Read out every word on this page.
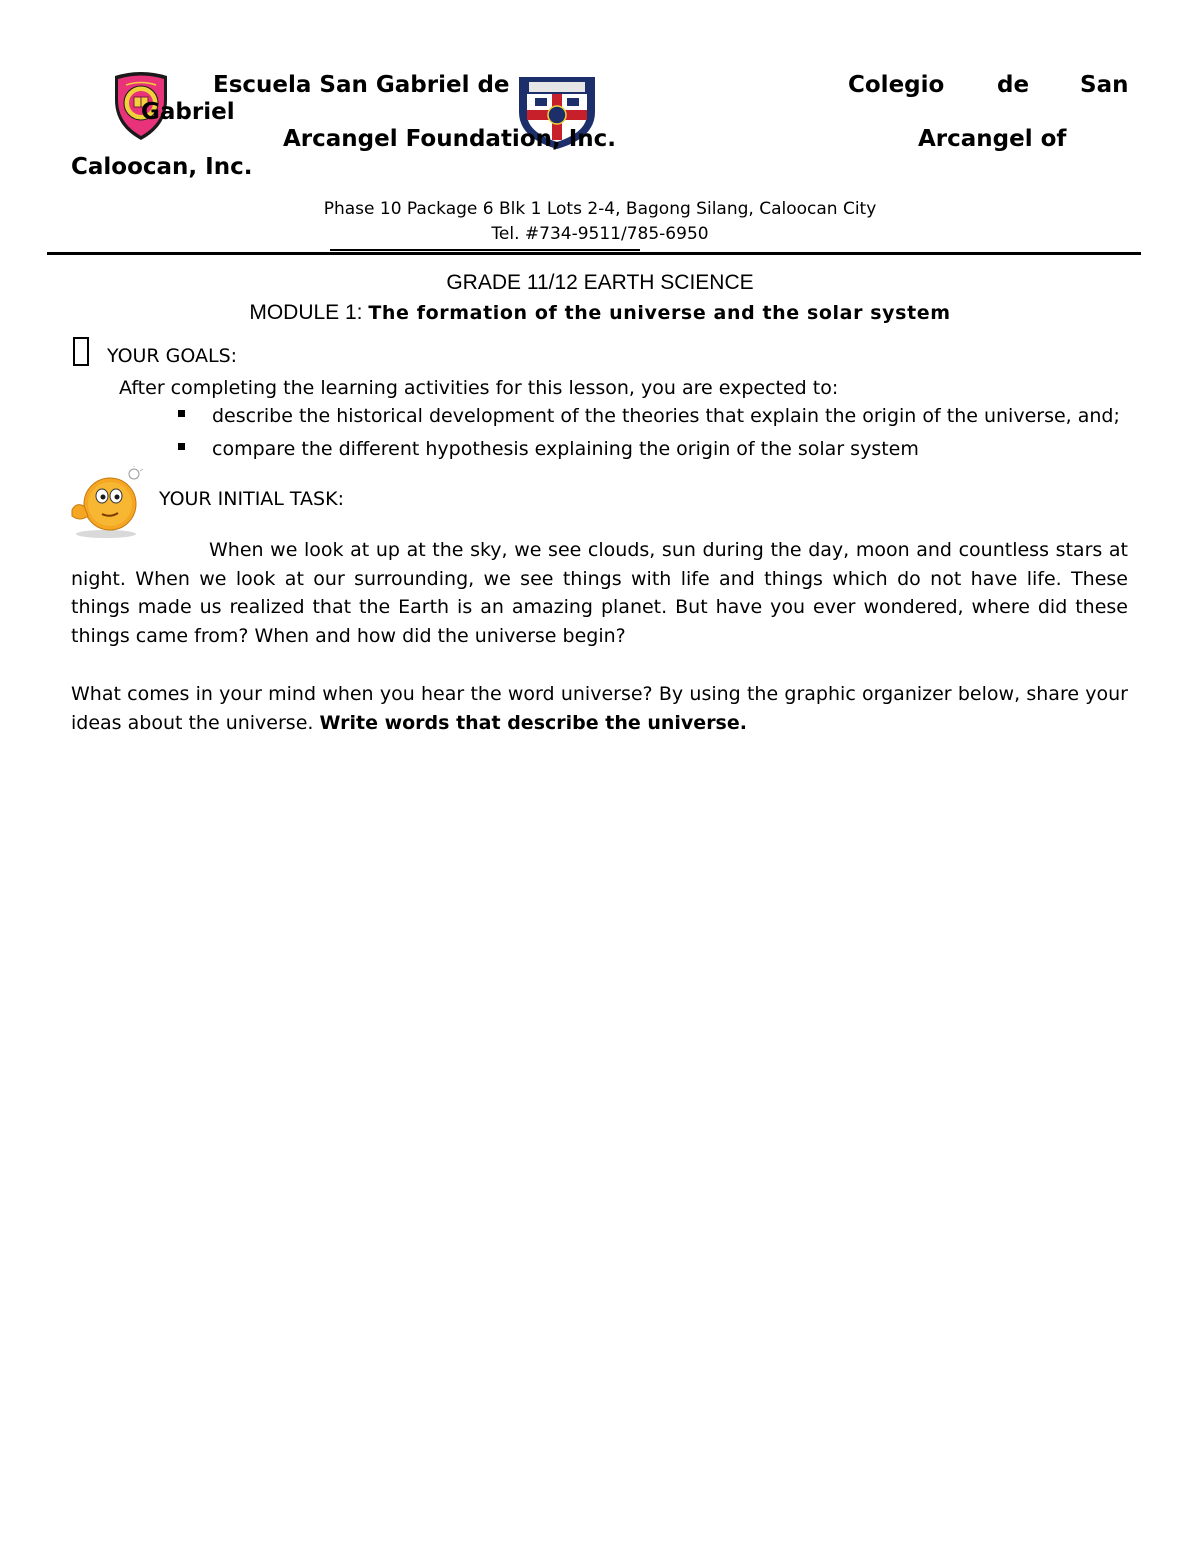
Escuela San Gabriel de	Colegio de San
Gabriel
Arcangel Foundation, Inc.	Arcangel of
Caloocan, Inc.
Phase 10 Package 6 Blk 1 Lots 2-4, Bagong Silang, Caloocan City
Tel. #734-9511/785-6950
GRADE 11/12 EARTH SCIENCE
MODULE 1: The formation of the universe and the solar system
YOUR GOALS:
After completing the learning activities for this lesson, you are expected to:
describe the historical development of the theories that explain the origin of the universe, and;
compare the different hypothesis explaining the origin of the solar system
YOUR INITIAL TASK:
When we look at up at the sky, we see clouds, sun during the day, moon and countless stars at night. When we look at our surrounding, we see things with life and things which do not have life. These things made us realized that the Earth is an amazing planet. But have you ever wondered, where did these things came from? When and how did the universe begin?
What comes in your mind when you hear the word universe? By using the graphic organizer below, share your ideas about the universe. Write words that describe the universe.
